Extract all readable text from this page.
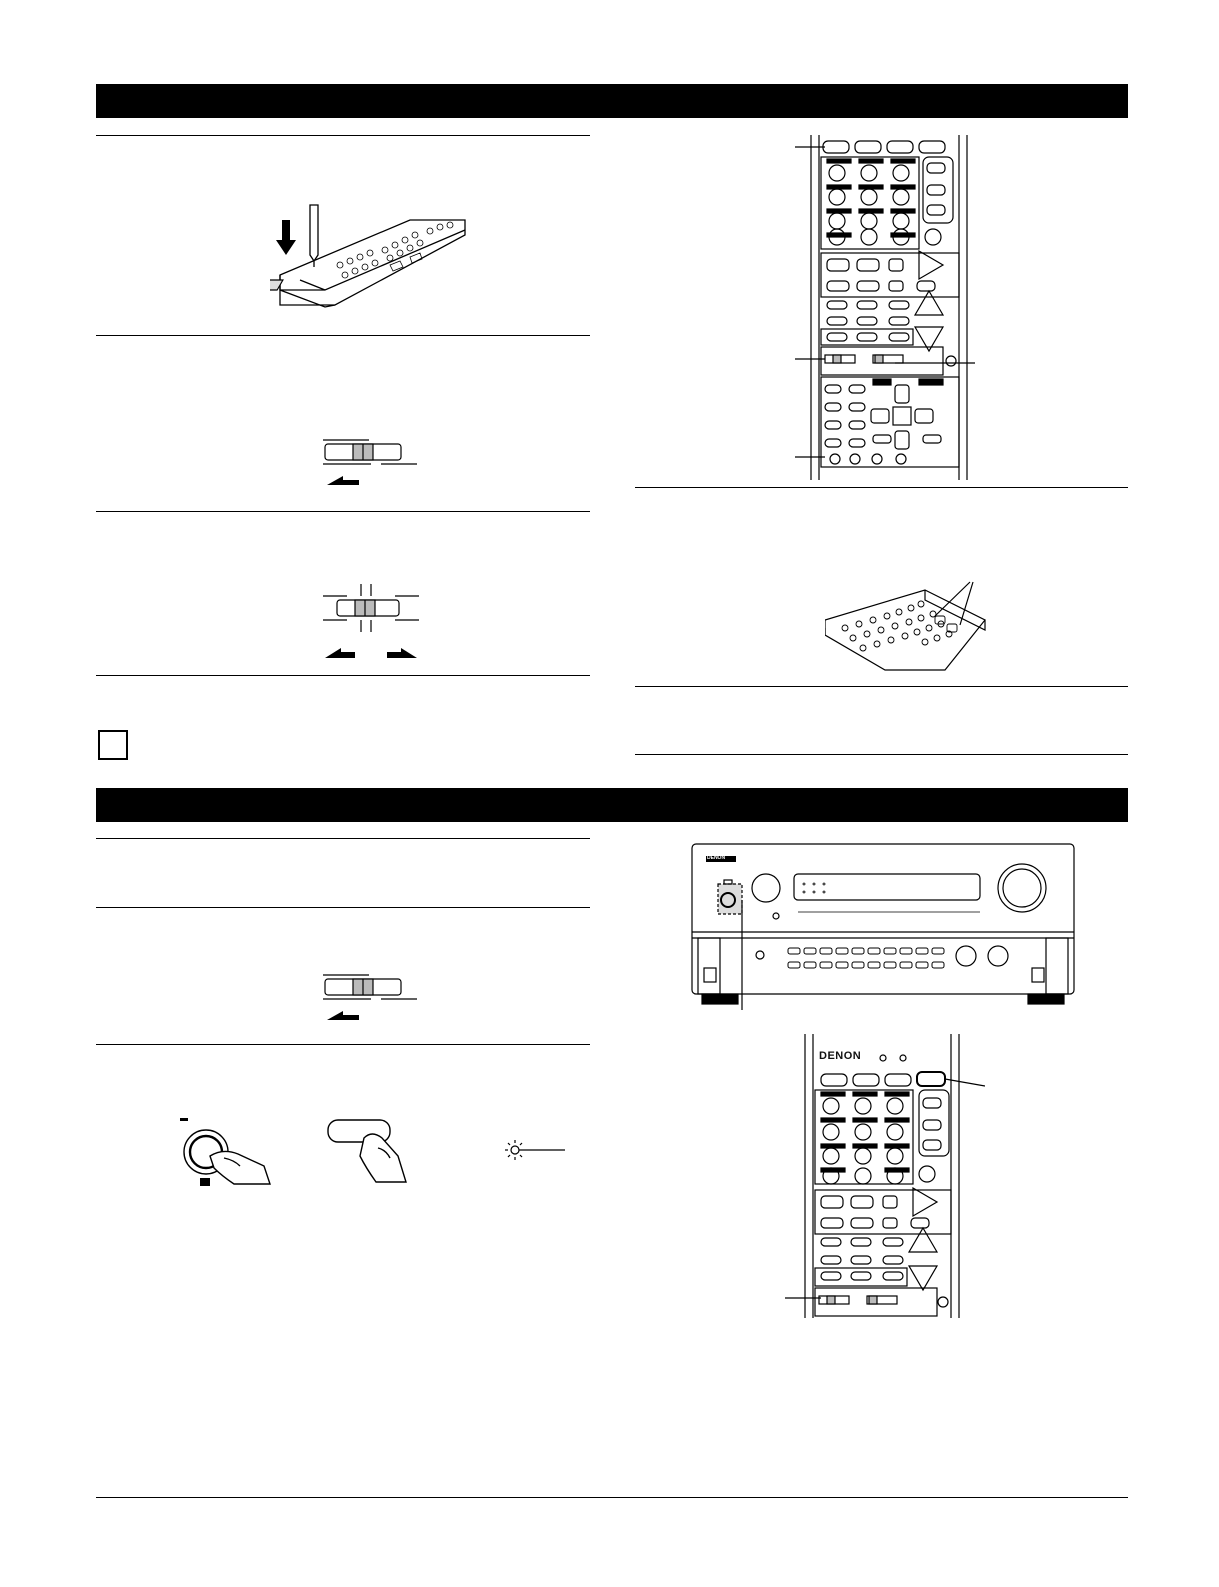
DENON
DENON
